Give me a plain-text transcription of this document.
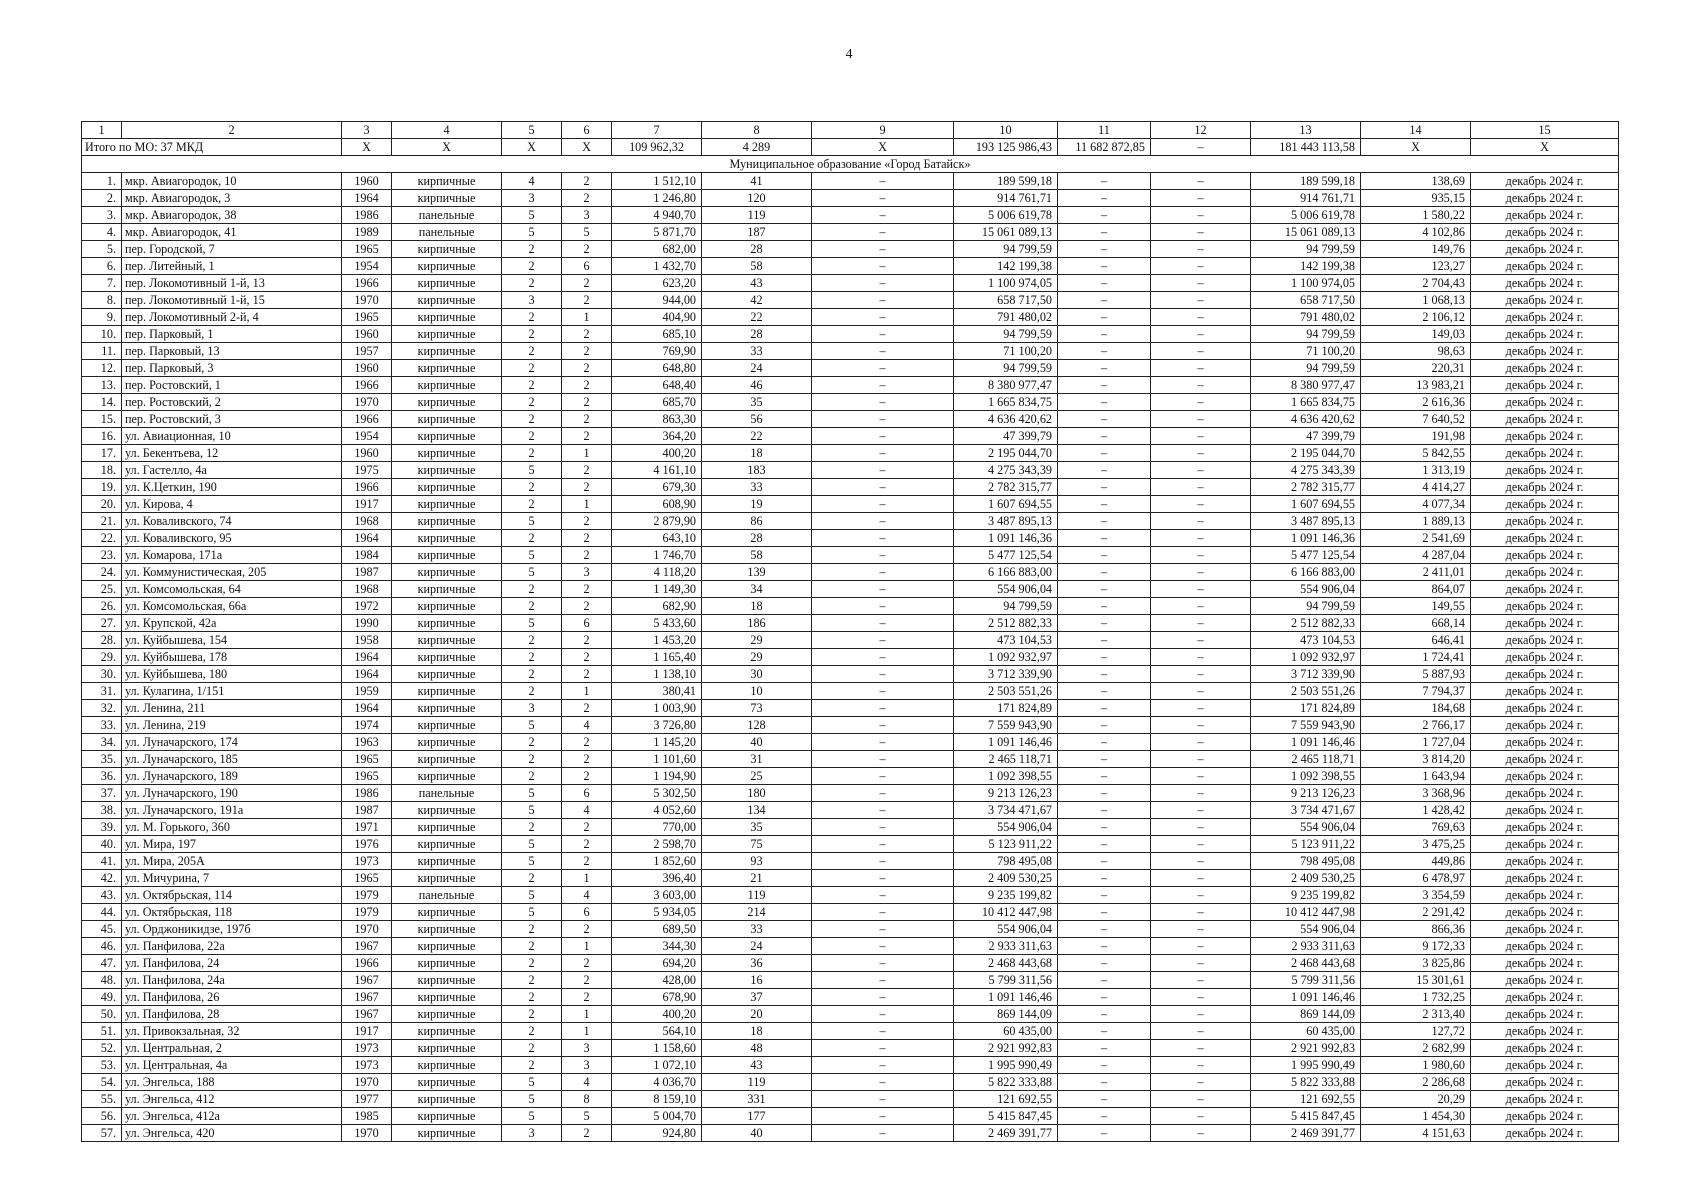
4
1	2	3	4	5	6	7	8	9	10	11	12	13	14	15
Итого по МО: 37 МКД		X	X	X	X	109 962,32	4 289	X	193 125 986,43	11 682 872,85	–	181 443 113,58	X	X
Муниципальное образование «Город Батайск»														
1.	мкр. Авиагородок, 10	1960	кирпичные	4	2	1 512,10	41	–	189 599,18	–	–	189 599,18	138,69	декабрь 2024 г.
2.	мкр. Авиагородок, 3	1964	кирпичные	3	2	1 246,80	120	–	914 761,71	–	–	914 761,71	935,15	декабрь 2024 г.
3.	мкр. Авиагородок, 38	1986	панельные	5	3	4 940,70	119	–	5 006 619,78	–	–	5 006 619,78	1 580,22	декабрь 2024 г.
4.	мкр. Авиагородок, 41	1989	панельные	5	5	5 871,70	187	–	15 061 089,13	–	–	15 061 089,13	4 102,86	декабрь 2024 г.
5.	пер. Городской, 7	1965	кирпичные	2	2	682,00	28	–	94 799,59	–	–	94 799,59	149,76	декабрь 2024 г.
6.	пер. Литейный, 1	1954	кирпичные	2	6	1 432,70	58	–	142 199,38	–	–	142 199,38	123,27	декабрь 2024 г.
7.	пер. Локомотивный 1-й, 13	1966	кирпичные	2	2	623,20	43	–	1 100 974,05	–	–	1 100 974,05	2 704,43	декабрь 2024 г.
8.	пер. Локомотивный 1-й, 15	1970	кирпичные	3	2	944,00	42	–	658 717,50	–	–	658 717,50	1 068,13	декабрь 2024 г.
9.	пер. Локомотивный 2-й, 4	1965	кирпичные	2	1	404,90	22	–	791 480,02	–	–	791 480,02	2 106,12	декабрь 2024 г.
10.	пер. Парковый, 1	1960	кирпичные	2	2	685,10	28	–	94 799,59	–	–	94 799,59	149,03	декабрь 2024 г.
11.	пер. Парковый, 13	1957	кирпичные	2	2	769,90	33	–	71 100,20	–	–	71 100,20	98,63	декабрь 2024 г.
12.	пер. Парковый, 3	1960	кирпичные	2	2	648,80	24	–	94 799,59	–	–	94 799,59	220,31	декабрь 2024 г.
13.	пер. Ростовский, 1	1966	кирпичные	2	2	648,40	46	–	8 380 977,47	–	–	8 380 977,47	13 983,21	декабрь 2024 г.
14.	пер. Ростовский, 2	1970	кирпичные	2	2	685,70	35	–	1 665 834,75	–	–	1 665 834,75	2 616,36	декабрь 2024 г.
15.	пер. Ростовский, 3	1966	кирпичные	2	2	863,30	56	–	4 636 420,62	–	–	4 636 420,62	7 640,52	декабрь 2024 г.
16.	ул. Авиационная, 10	1954	кирпичные	2	2	364,20	22	–	47 399,79	–	–	47 399,79	191,98	декабрь 2024 г.
17.	ул. Бекентьева, 12	1960	кирпичные	2	1	400,20	18	–	2 195 044,70	–	–	2 195 044,70	5 842,55	декабрь 2024 г.
18.	ул. Гастелло, 4а	1975	кирпичные	5	2	4 161,10	183	–	4 275 343,39	–	–	4 275 343,39	1 313,19	декабрь 2024 г.
19.	ул. К.Цеткин, 190	1966	кирпичные	2	2	679,30	33	–	2 782 315,77	–	–	2 782 315,77	4 414,27	декабрь 2024 г.
20.	ул. Кирова, 4	1917	кирпичные	2	1	608,90	19	–	1 607 694,55	–	–	1 607 694,55	4 077,34	декабрь 2024 г.
21.	ул. Коваливского, 74	1968	кирпичные	5	2	2 879,90	86	–	3 487 895,13	–	–	3 487 895,13	1 889,13	декабрь 2024 г.
22.	ул. Коваливского, 95	1964	кирпичные	2	2	643,10	28	–	1 091 146,36	–	–	1 091 146,36	2 541,69	декабрь 2024 г.
23.	ул. Комарова, 171а	1984	кирпичные	5	2	1 746,70	58	–	5 477 125,54	–	–	5 477 125,54	4 287,04	декабрь 2024 г.
24.	ул. Коммунистическая, 205	1987	кирпичные	5	3	4 118,20	139	–	6 166 883,00	–	–	6 166 883,00	2 411,01	декабрь 2024 г.
25.	ул. Комсомольская, 64	1968	кирпичные	2	2	1 149,30	34	–	554 906,04	–	–	554 906,04	864,07	декабрь 2024 г.
26.	ул. Комсомольская, 66а	1972	кирпичные	2	2	682,90	18	–	94 799,59	–	–	94 799,59	149,55	декабрь 2024 г.
27.	ул. Крупской, 42а	1990	кирпичные	5	6	5 433,60	186	–	2 512 882,33	–	–	2 512 882,33	668,14	декабрь 2024 г.
28.	ул. Куйбышева, 154	1958	кирпичные	2	2	1 453,20	29	–	473 104,53	–	–	473 104,53	646,41	декабрь 2024 г.
29.	ул. Куйбышева, 178	1964	кирпичные	2	2	1 165,40	29	–	1 092 932,97	–	–	1 092 932,97	1 724,41	декабрь 2024 г.
30.	ул. Куйбышева, 180	1964	кирпичные	2	2	1 138,10	30	–	3 712 339,90	–	–	3 712 339,90	5 887,93	декабрь 2024 г.
31.	ул. Кулагина, 1/151	1959	кирпичные	2	1	380,41	10	–	2 503 551,26	–	–	2 503 551,26	7 794,37	декабрь 2024 г.
32.	ул. Ленина, 211	1964	кирпичные	3	2	1 003,90	73	–	171 824,89	–	–	171 824,89	184,68	декабрь 2024 г.
33.	ул. Ленина, 219	1974	кирпичные	5	4	3 726,80	128	–	7 559 943,90	–	–	7 559 943,90	2 766,17	декабрь 2024 г.
34.	ул. Луначарского, 174	1963	кирпичные	2	2	1 145,20	40	–	1 091 146,46	–	–	1 091 146,46	1 727,04	декабрь 2024 г.
35.	ул. Луначарского, 185	1965	кирпичные	2	2	1 101,60	31	–	2 465 118,71	–	–	2 465 118,71	3 814,20	декабрь 2024 г.
36.	ул. Луначарского, 189	1965	кирпичные	2	2	1 194,90	25	–	1 092 398,55	–	–	1 092 398,55	1 643,94	декабрь 2024 г.
37.	ул. Луначарского, 190	1986	панельные	5	6	5 302,50	180	–	9 213 126,23	–	–	9 213 126,23	3 368,96	декабрь 2024 г.
38.	ул. Луначарского, 191а	1987	кирпичные	5	4	4 052,60	134	–	3 734 471,67	–	–	3 734 471,67	1 428,42	декабрь 2024 г.
39.	ул. М. Горького, 360	1971	кирпичные	2	2	770,00	35	–	554 906,04	–	–	554 906,04	769,63	декабрь 2024 г.
40.	ул. Мира, 197	1976	кирпичные	5	2	2 598,70	75	–	5 123 911,22	–	–	5 123 911,22	3 475,25	декабрь 2024 г.
41.	ул. Мира, 205А	1973	кирпичные	5	2	1 852,60	93	–	798 495,08	–	–	798 495,08	449,86	декабрь 2024 г.
42.	ул. Мичурина, 7	1965	кирпичные	2	1	396,40	21	–	2 409 530,25	–	–	2 409 530,25	6 478,97	декабрь 2024 г.
43.	ул. Октябрьская, 114	1979	панельные	5	4	3 603,00	119	–	9 235 199,82	–	–	9 235 199,82	3 354,59	декабрь 2024 г.
44.	ул. Октябрьская, 118	1979	кирпичные	5	6	5 934,05	214	–	10 412 447,98	–	–	10 412 447,98	2 291,42	декабрь 2024 г.
45.	ул. Орджоникидзе, 197б	1970	кирпичные	2	2	689,50	33	–	554 906,04	–	–	554 906,04	866,36	декабрь 2024 г.
46.	ул. Панфилова, 22а	1967	кирпичные	2	1	344,30	24	–	2 933 311,63	–	–	2 933 311,63	9 172,33	декабрь 2024 г.
47.	ул. Панфилова, 24	1966	кирпичные	2	2	694,20	36	–	2 468 443,68	–	–	2 468 443,68	3 825,86	декабрь 2024 г.
48.	ул. Панфилова, 24а	1967	кирпичные	2	2	428,00	16	–	5 799 311,56	–	–	5 799 311,56	15 301,61	декабрь 2024 г.
49.	ул. Панфилова, 26	1967	кирпичные	2	2	678,90	37	–	1 091 146,46	–	–	1 091 146,46	1 732,25	декабрь 2024 г.
50.	ул. Панфилова, 28	1967	кирпичные	2	1	400,20	20	–	869 144,09	–	–	869 144,09	2 313,40	декабрь 2024 г.
51.	ул. Привокзальная, 32	1917	кирпичные	2	1	564,10	18	–	60 435,00	–	–	60 435,00	127,72	декабрь 2024 г.
52.	ул. Центральная, 2	1973	кирпичные	2	3	1 158,60	48	–	2 921 992,83	–	–	2 921 992,83	2 682,99	декабрь 2024 г.
53.	ул. Центральная, 4а	1973	кирпичные	2	3	1 072,10	43	–	1 995 990,49	–	–	1 995 990,49	1 980,60	декабрь 2024 г.
54.	ул. Энгельса, 188	1970	кирпичные	5	4	4 036,70	119	–	5 822 333,88	–	–	5 822 333,88	2 286,68	декабрь 2024 г.
55.	ул. Энгельса, 412	1977	кирпичные	5	8	8 159,10	331	–	121 692,55	–	–	121 692,55	20,29	декабрь 2024 г.
56.	ул. Энгельса, 412а	1985	кирпичные	5	5	5 004,70	177	–	5 415 847,45	–	–	5 415 847,45	1 454,30	декабрь 2024 г.
57.	ул. Энгельса, 420	1970	кирпичные	3	2	924,80	40	–	2 469 391,77	–	–	2 469 391,77	4 151,63	декабрь 2024 г.
